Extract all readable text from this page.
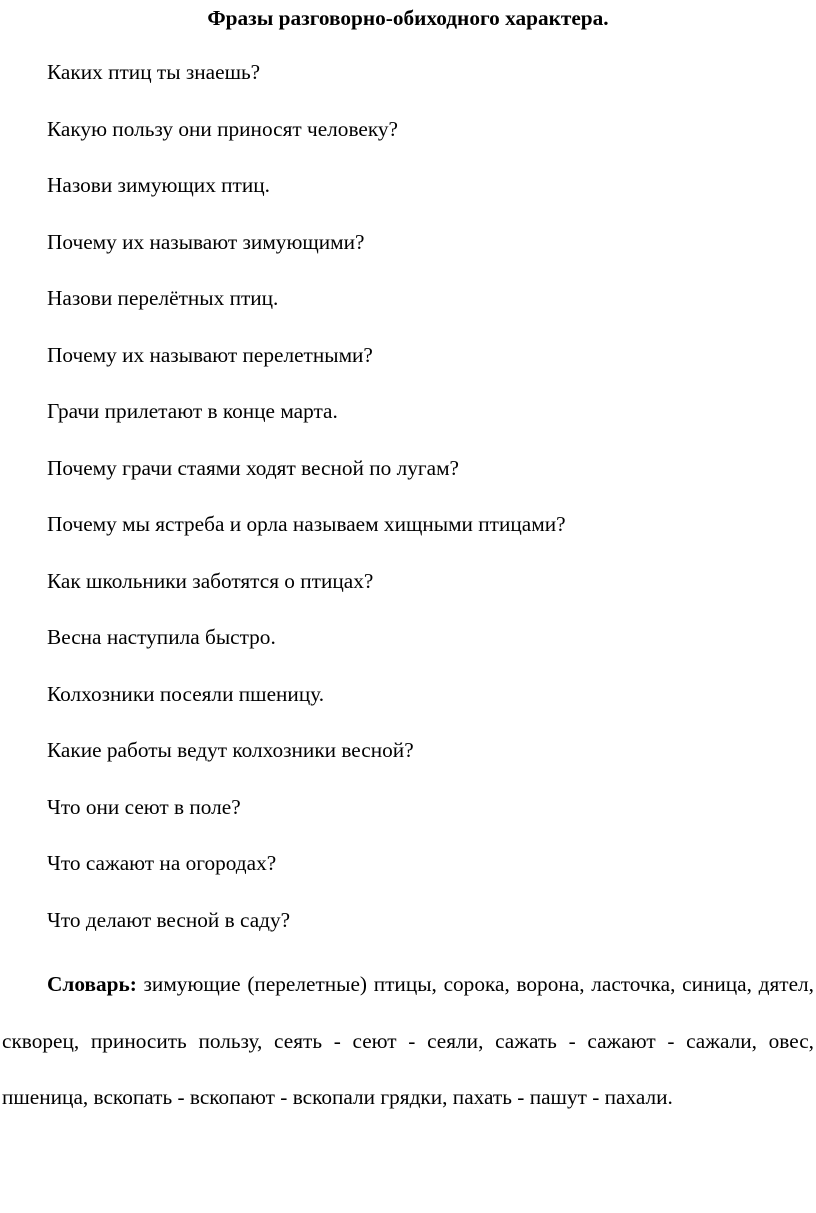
Фразы разговорно-обиходного характера.
Каких птиц ты знаешь?
Какую пользу они приносят человеку?
Назови зимующих птиц.
Почему их называют зимующими?
Назови перелётных птиц.
Почему их называют перелетными?
Грачи прилетают в конце марта.
Почему грачи стаями ходят весной по лугам?
Почему мы ястреба и орла называем хищными птицами?
Как школьники заботятся о птицах?
Весна наступила быстро.
Колхозники посеяли пшеницу.
Какие работы ведут колхозники весной?
Что они сеют в поле?
Что сажают на огородах?
Что делают весной в саду?

Словарь: зимующие (перелетные) птицы, сорока, ворона, ласточка, синица, дятел, скворец, приносить пользу, сеять - сеют - сеяли, сажать - сажают - сажали, овес, пшеница, вскопать - вскопают - вскопали грядки, пахать - пашут - пахали.
